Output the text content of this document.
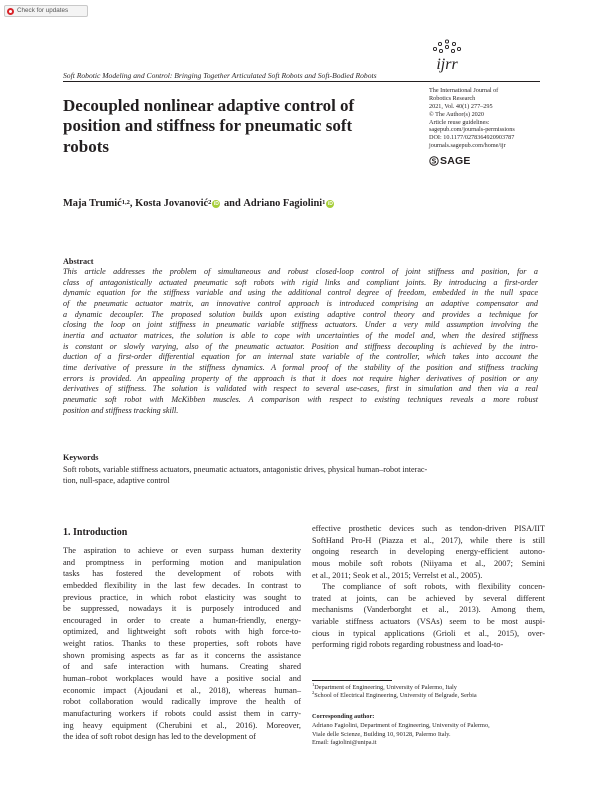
Check for updates
Soft Robotic Modeling and Control: Bringing Together Articulated Soft Robots and Soft-Bodied Robots
ijrr
Decoupled nonlinear adaptive control of position and stiffness for pneumatic soft robots
The International Journal of
Robotics Research
2021, Vol. 40(1) 277–295
© The Author(s) 2020
Article reuse guidelines:
sagepub.com/journals-permissions
DOI: 10.1177/0278364920903787
journals.sagepub.com/home/ijr
SAGE
Maja Trumić$^{1,2}$ , Kosta Jovanović$^2$ iD and Adriano Fagiolini$^1$ iD
Abstract
This article addresses the problem of simultaneous and robust closed-loop control of joint stiffness and position, for a
class of antagonistically actuated pneumatic soft robots with rigid links and compliant joints. By introducing a first-order
dynamic equation for the stiffness variable and using the additional control degree of freedom, embedded in the null space
of the pneumatic actuator matrix, an innovative control approach is introduced comprising an adaptive compensator and
a dynamic decoupler. The proposed solution builds upon existing adaptive control theory and provides a technique for
closing the loop on joint stiffness in pneumatic variable stiffness actuators. Under a very mild assumption involving the
inertia and actuator matrices, the solution is able to cope with uncertainties of the model and, when the desired stiffness
is constant or slowly varying, also of the pneumatic actuator. Position and stiffness decoupling is achieved by the intro-
duction of a first-order differential equation for an internal state variable of the controller, which takes into account the
time derivative of pressure in the stiffness dynamics. A formal proof of the stability of the position and stiffness tracking
errors is provided. An appealing property of the approach is that it does not require higher derivatives of position or any
derivatives of stiffness. The solution is validated with respect to several use-cases, first in simulation and then via a real
pneumatic soft robot with McKibben muscles. A comparison with respect to existing techniques reveals a more robust
position and stiffness tracking skill.
Keywords
Soft robots, variable stiffness actuators, pneumatic actuators, antagonistic drives, physical human–robot interac-
tion, null-space, adaptive control
1. Introduction
The aspiration to achieve or even surpass human dexterity
and promptness in performing motion and manipulation
tasks has fostered the development of robots with
embedded flexibility in the last few decades. In contrast to
previous practice, in which robot elasticity was sought to
be suppressed, nowadays it is purposely introduced and
encouraged in order to create a human-friendly, energy-
optimized, and lightweight soft robots with high force-to-
weight ratios. Thanks to these properties, soft robots have
shown promising aspects as far as it concerns the assistance
of and safe interaction with humans. Creating shared
human–robot workplaces would have a positive social and
economic impact (Ajoudani et al., 2018), whereas human–
robot collaboration would radically improve the health of
manufacturing workers if robots could assist them in carry-
ing heavy equipment (Cherubini et al., 2016). Moreover,
the idea of soft robot design has led to the development of
effective prosthetic devices such as tendon-driven PISA/IIT
SoftHand Pro-H (Piazza et al., 2017), while there is still
ongoing research in developing energy-efficient autono-
mous mobile soft robots (Niiyama et al., 2007; Semini
et al., 2011; Seok et al., 2015; Verrelst et al., 2005).
The compliance of soft robots, with flexibility concen-
trated at joints, can be achieved by several different
mechanisms (Vanderborght et al., 2013). Among them,
variable stiffness actuators (VSAs) seem to be most auspi-
cious in typical applications (Grioli et al., 2015), over-
performing rigid robots regarding robustness and load-to-
$^1$Department of Engineering, University of Palermo, Italy
$^2$School of Electrical Engineering, University of Belgrade, Serbia
Corresponding author:
Adriano Fagiolini, Department of Engineering, University of Palermo,
Viale delle Scienze, Building 10, 90128, Palermo Italy.
Email: fagiolini@unipa.it
